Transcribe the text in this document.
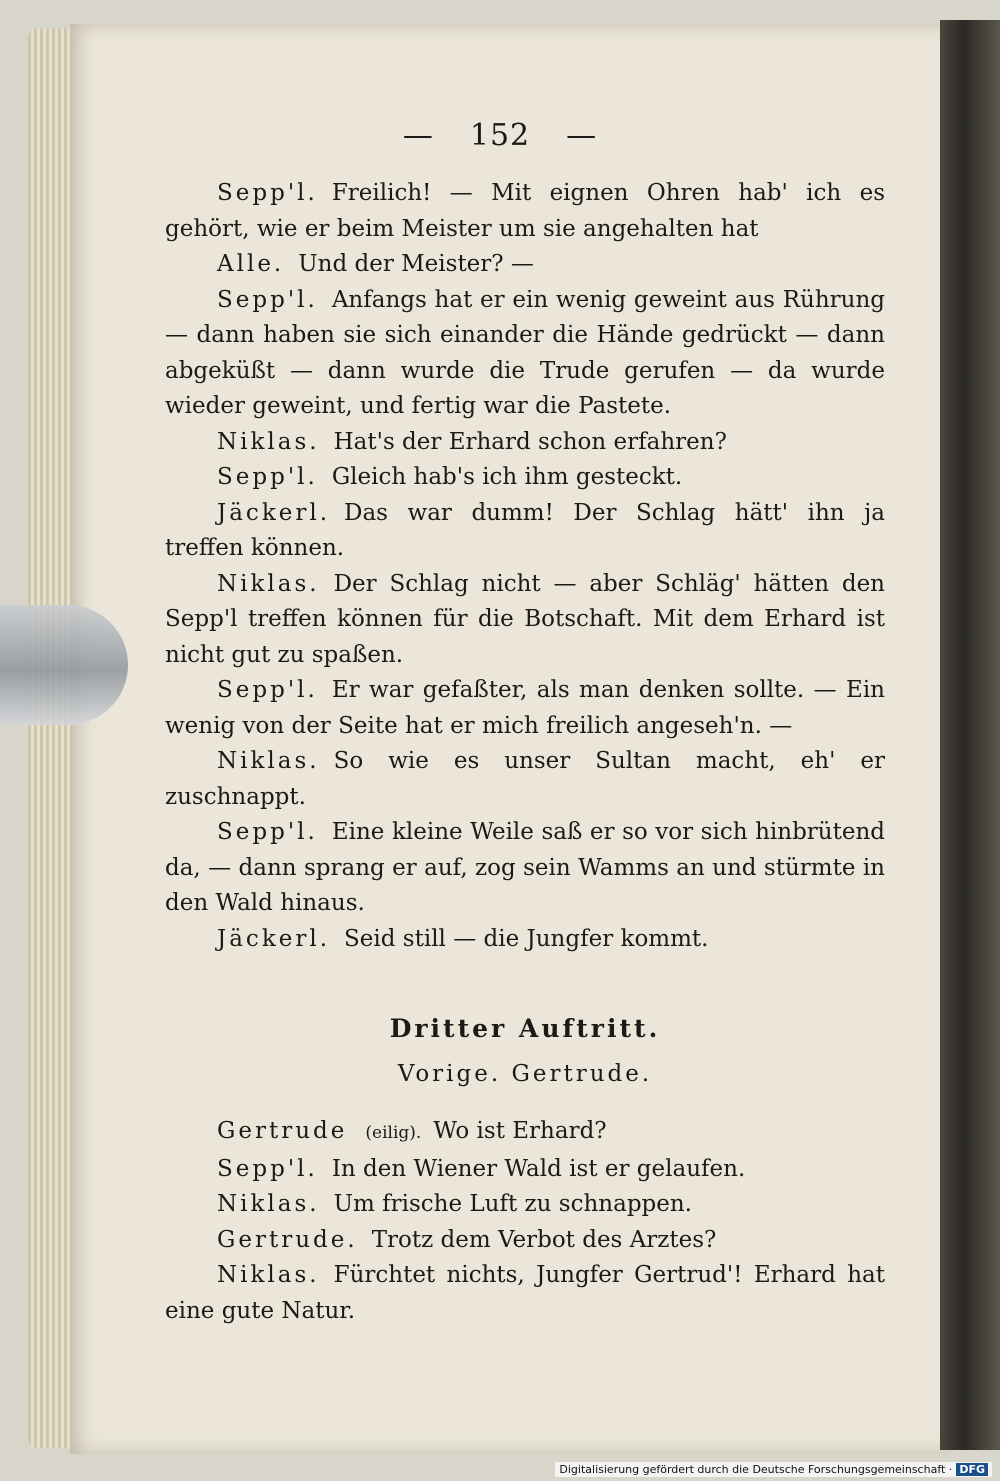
— 152 —

Sepp'l. Freilich! — Mit eignen Ohren hab' ich es gehört, wie er beim Meister um sie angehalten hat

Alle. Und der Meister? —

Sepp'l. Anfangs hat er ein wenig geweint aus Rührung — dann haben sie sich einander die Hände gedrückt — dann abgeküßt — dann wurde die Trude gerufen — da wurde wieder geweint, und fertig war die Pastete.

Niklas. Hat's der Erhard schon erfahren?

Sepp'l. Gleich hab's ich ihm gesteckt.

Jäckerl. Das war dumm! Der Schlag hätt' ihn ja treffen können.

Niklas. Der Schlag nicht — aber Schläg' hätten den Sepp'l treffen können für die Botschaft. Mit dem Erhard ist nicht gut zu spaßen.

Sepp'l. Er war gefaßter, als man denken sollte. — Ein wenig von der Seite hat er mich freilich angeseh'n. —

Niklas. So wie es unser Sultan macht, eh' er zuschnappt.

Sepp'l. Eine kleine Weile saß er so vor sich hinbrütend da, — dann sprang er auf, zog sein Wamms an und stürmte in den Wald hinaus.

Jäckerl. Seid still — die Jungfer kommt.

Dritter Auftritt.
Vorige. Gertrude.

Gertrude (eilig). Wo ist Erhard?

Sepp'l. In den Wiener Wald ist er gelaufen.

Niklas. Um frische Luft zu schnappen.

Gertrude. Trotz dem Verbot des Arztes?

Niklas. Fürchtet nichts, Jungfer Gertrud'! Erhard hat eine gute Natur.

Digitalisierung gefördert durch die Deutsche Forschungsgemeinschaft · DFG
